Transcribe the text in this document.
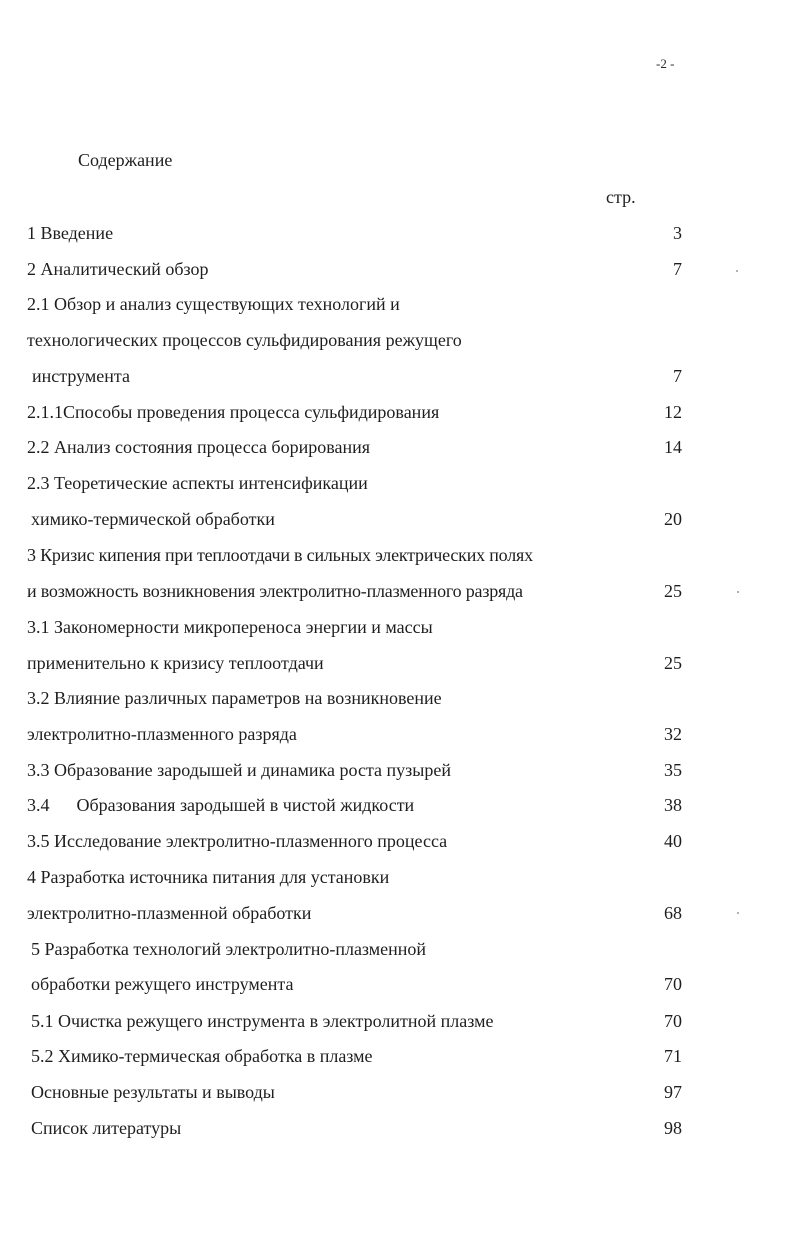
-2 -
Содержание
стр.
1 Введение	3
2 Аналитический обзор	7
2.1 Обзор и анализ существующих технологий и
технологических процессов сульфидирования режущего
инструмента	7
2.1.1Способы проведения процесса сульфидирования	12
2.2 Анализ состояния процесса борирования	14
2.3 Теоретические аспекты интенсификации
химико-термической обработки	20
3 Кризис кипения при теплоотдачи в сильных электрических полях
и возможность возникновения электролитно-плазменного разряда	25
3.1 Закономерности микропереноса энергии и массы
применительно к кризису теплоотдачи	25
3.2 Влияние различных параметров на возникновение
электролитно-плазменного разряда	32
3.3 Образование зародышей и динамика роста пузырей	35
3.4      Образования зародышей в чистой жидкости	38
3.5 Исследование электролитно-плазменного процесса	40
4 Разработка источника питания для установки
электролитно-плазменной обработки	68
5 Разработка технологий электролитно-плазменной
обработки режущего инструмента	70
5.1 Очистка режущего инструмента в электролитной плазме	70
5.2 Химико-термическая обработка в плазме	71
Основные результаты и выводы	97
Список литературы	98
